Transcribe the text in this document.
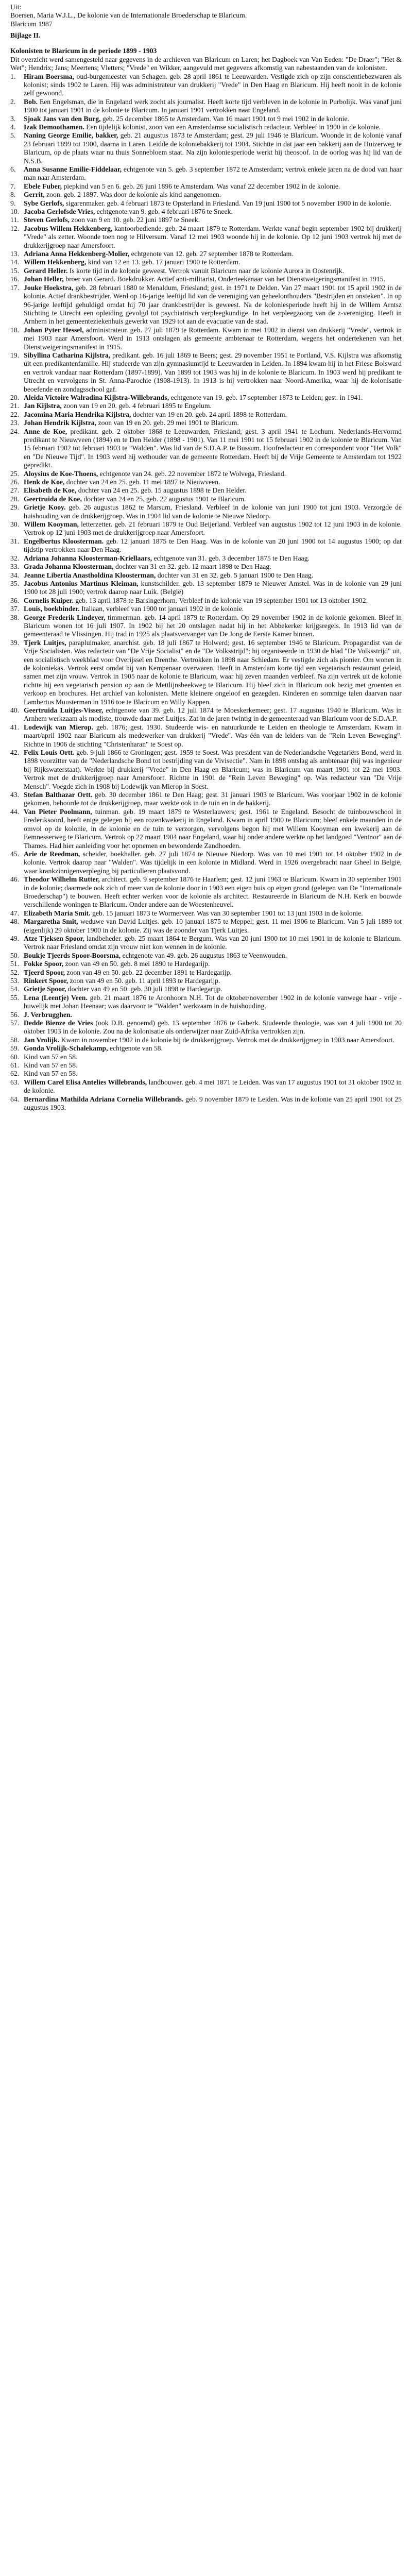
Uit:

Boersen, Maria W.J.L., De kolonie van de Internationale Broederschap te Blaricum.

Blaricum 1987

Bijlage II.

Kolonisten te Blaricum in de periode 1899 - 1903

Dit overzicht werd samengesteld naar gegevens in de archieven van Blaricum en Laren; het Dagboek van Van Eeden: "De Draer"; "Het & Wet"; Hendrix; Jans; Meertens; Vletters; "Vrede" en Wikker, aangevuld met gegevens afkomstig van nabestaanden van de kolonisten.

1.	Hiram Boersma, oud-burgemeester van Schagen. geb. 28 april 1861 te Leeuwarden. Vestigde zich op zijn conscientiebezwaren als kolonist; sinds 1902 te Laren. Hij was administrateur van drukkerij "Vrede" in Den Haag en Blaricum. Hij heeft nooit in de kolonie zelf gewoond.
2.	Bob. Een Engelsman, die in Engeland werk zocht als journalist. Heeft korte tijd verbleven in de kolonie in Purbolijk. Was vanaf juni 1900 tot januari 1901 in de kolonie te Blaricum. In januari 1901 vertrokken naar Engeland.
3.	Sjoak Jans van den Burg, geb. 25 december 1865 te Amsterdam. Van 16 maart 1901 tot 9 mei 1902 in de kolonie.
4.	Izak Demoothamen. Een tijdelijk kolonist, zoon van een Amsterdamse socialistisch redacteur. Verbleef in 1900 in de kolonie.
5.	Naning George Emilie, bakker, geb. 21 augustus 1873 te Amsterdam; gest. 29 juli 1946 te Blaricum. Woonde in de kolonie vanaf 23 februari 1899 tot 1900, daarna in Laren. Leidde de koloniebakkerij tot 1904. Stichtte in dat jaar een bakkerij aan de Huizerweg te Blaricum, op de plaats waar nu thuis Sonnebloem staat. Na zijn koloniesperiode werkt hij theosoof. In de oorlog was hij lid van de N.S.B.
6.	Anna Susanne Emilie-Fiddelaar, echtgenote van 5. geb. 3 september 1872 te Amsterdam; vertrok enkele jaren na de dood van haar man naar Amsterdam.
7.	Ebele Fuber, piepkind van 5 en 6. geb. 26 juni 1896 te Amsterdam. Was vanaf 22 december 1902 in de kolonie.
8.	Gerrit, zoon. geb. 2 1897. Was door de kolonie als kind aangenomen.
9.	Sybe Gerlofs, sigarenmaker. geb. 4 februari 1873 te Opsterland in Friesland. Van 19 juni 1900 tot 5 november 1900 in de kolonie.
10. Jacoba Gerlofsde Vries, echtgenote van 9. geb. 4 februari 1876 te Sneek.
11. Steven Gerlofs, zoon van 9 en 10. geb. 22 juni 1897 te Sneek.
12. Jacobus Willem Hekkenberg, kantoorbediende. geb. 24 maart 1879 te Rotterdam. Werkte vanaf begin september 1902 bij drukkerij "Vrede" als zetter. Woonde toen nog te Hilversum. Vanaf 12 mei 1903 woonde hij in de kolonie. Op 12 juni 1903 vertrok hij met de drukkerijgroep naar Amersfoort.
13. Adriana Anna Hekkenberg-Molier, echtgenote van 12. geb. 27 september 1878 te Rotterdam.
14. Willem Hekkenberg, kind van 12 en 13. geb. 17 januari 1900 te Rotterdam.
15. Gerard Heller. Is korte tijd in de kolonie geweest. Vertrok vanuit Blaricum naar de kolonie Aurora in Oostenrijk.
16. Johan Heller, broer van Gerard. Boekdrukker. Actief anti-militarist. Onderteekenaar van het Dienstweigeringsmanifest in 1915.
17. Jouke Hoekstra, geb. 28 februari 1880 te Menaldum, Friesland; gest. in 1971 te Delden. Van 27 maart 1901 tot 15 april 1902 in de kolonie. Actief drankbestrijder. Werd op 16-jarige leeftijd lid van de vereniging van geheelonthouders "Bestrijden en onsteken". In op 96-jarige leeftijd gehuldigd omdat hij 70 jaar drankbestrijder is geweest. Na de koloniesperiode heeft hij in de Willem Arntsz Stichting te Utrecht een opleiding gevolgd tot psychiatrisch verpleegkundige. In het verpleegzoorg van de z-vereniging. Heeft in Arnhem in het gemeenteziekenhuis gewerkt van 1929 tot aan de evacuatie van de stad.
18. Johan Pyter Hessel, administrateur. geb. 27 juli 1879 te Rotterdam. Kwam in mei 1902 in dienst van drukkerij "Vrede", vertrok in mei 1903 naar Amersfoort. Werd in 1913 ontslagen als gemeente ambtenaar te Rotterdam, wegens het ondertekenen van het Dienstweigeringsmanifest in 1915.
19. Sibyllina Catharina Kijlstra, predikant. geb. 16 juli 1869 te Beers; gest. 29 november 1951 te Portland, V.S. Kijlstra was afkomstig uit een predikantenfamilie. Hij studeerde van zijn gymnasiumtijd te Leeuwarden in Leiden. In 1894 kwam hij in het Friese Bolsward en vertrok vandaar naar Rotterdam (1897-1899). Van 1899 tot 1903 was hij in de kolonie te Blaricum. In 1903 werd hij predikant te Utrecht en vervolgens in St. Anna-Parochie (1908-1913). In 1913 is hij vertrokken naar Noord-Amerika, waar hij de kolonisatie beoefende en zondagsschool gaf.
20. Aleida Victoire Walradina Kijlstra-Willebrands, echtgenote van 19. geb. 17 september 1873 te Leiden; gest. in 1941.
21. Jan Kijlstra, zoon van 19 en 20. geb. 4 februari 1895 te Engelum.
22. Jacomina Maria Hendrika Kijlstra, dochter van 19 en 20. geb. 24 april 1898 te Rotterdam.
23. Johan Hendrik Kijlstra, zoon van 19 en 20. geb. 29 mei 1901 te Blaricum.
24. Anne de Koe, predikant. geb. 2 oktober 1868 te Leeuwarden, Friesland; gest. 3 april 1941 te Lochum. Nederlands-Hervormd predikant te Nieuwveen (1894) en te Den Helder (1898 - 1901). Van 11 mei 1901 tot 15 februari 1902 in de kolonie te Blaricum. Van 15 februari 1902 tot februari 1903 te "Walden". Was lid van de S.D.A.P. te Bussum. Hoofredacteur en correspondent voor "Het Volk" en "De Nieuwe Tijd". In 1903 werd hij wethouder van de gemeente Rotterdam. Heeft bij de Vrije Gemeente te Amsterdam tot 1922 gepredikt.
25. Aloysius de Koe-Thoens, echtgenote van 24. geb. 22 november 1872 te Wolvega, Friesland.
26. Henk de Koe, dochter van 24 en 25. geb. 11 mei 1897 te Nieuwveen.
27. Elisabeth de Koe, dochter van 24 en 25. geb. 15 augustus 1898 te Den Helder.
28. Geertruida de Koe, dochter van 24 en 25. geb. 22 augustus 1901 te Blaricum.
29. Grietje Kooy. geb. 26 augustus 1862 te Marsum, Friesland. Verbleef in de kolonie van juni 1900 tot juni 1903. Verzorgde de huishouding van de drukkerijgroep. Was in 1904 lid van de kolonie te Nieuwe Niedorp.
30. Willem Kooyman, letterzetter. geb. 21 februari 1879 te Oud Beijerland. Verbleef van augustus 1902 tot 12 juni 1903 in de kolonie. Vertrok op 12 juni 1903 met de drukkerijgroep naar Amersfoort.
31. Engelbertus Kloosterman. geb. 12 januari 1875 te Den Haag. Was in de kolonie van 20 juni 1900 tot 14 augustus 1900; op dat tijdstip vertrokken naar Den Haag.
32. Adriana Johanna Kloosterman-Kriellaars, echtgenote van 31. geb. 3 december 1875 te Den Haag.
33. Grada Johanna Kloosterman, dochter van 31 en 32. geb. 12 maart 1898 te Den Haag.
34. Jeanne Libertia Anastholdina Kloosterman, dochter van 31 en 32. geb. 5 januari 1900 te Den Haag.
35. Jacobus Antonius Martinus Kleiman, kunstschilder. geb. 13 september 1879 te Nieuwer Amstel. Was in de kolonie van 29 juni 1900 tot 28 juli 1900; vertrok daarop naar Luik. (België)
36. Cornelis Kuiper. geb. 13 april 1878 te Barsingerhorn. Verbleef in de kolonie van 19 september 1901 tot 13 oktober 1902.
37. Louis, boekbinder. Italiaan, verbleef van 1900 tot januari 1902 in de kolonie.
38. George Frederik Lindeyer, timmerman. geb. 14 april 1879 te Rotterdam. Op 29 november 1902 in de kolonie gekomen. Bleef in Blaricum wonen tot 16 juli 1907. In 1902 bij het 20 ontslagen nadat hij in het Abbekerker krijgsregels. In 1913 lid van de gemeenteraad te Vlissingen. Hij trad in 1925 als plaatsvervanger van De Jong de Eerste Kamer binnen.
39. Tjerk Luitjes, parapluimaker, anarchist. geb. 18 juli 1867 te Holwerd; gest. 16 september 1946 te Blaricum. Propagandist van de Vrije Socialisten. Was redacteur van "De Vrije Socialist" en de "De Volksstrijd"; hij organiseerde in 1930 de blad "De Volksstrijd" uit, een socialistisch weekblad voor Overijssel en Drenthe. Vertrokken in 1898 naar Schiedam. Er vestigde zich als pionier. Om wonen in de koloniekas. Vertrok eerst omdat hij van Kempenaar overwaren. Heeft in Amsterdam korte tijd een vegetarisch restaurant geleid, samen met zijn vrouw. Vertrok in 1905 naar de kolonie te Blaricum, waar hij zeven maanden verbleef. Na zijn vertrek uit de kolonie richtte hij een vegetarisch pension op aan de Mettlijnsbeekweg te Blaricum. Hij bleef zich in Blaricum ook bezig met groenten en verkoop en brochures. Het archief van kolonisten. Mette kleinere ongeloof en gezegden. Kinderen en sommige talen daarvan naar Lambertus Muusterman in 1916 toe te Blaricum en Willy Kappen.
40. Geertruida Luitjes-Visser, echtgenote van 39. geb. 12 juli 1874 te Moeskerkemeer; gest. 17 augustus 1940 te Blaricum. Was in Arnhem werkzaam als modiste, trouwde daar met Luitjes. Zat in de jaren twintig in de gemeenteraad van Blaricum voor de S.D.A.P.
41. Lodewijk van Mierop. geb. 1876; gest. 1930. Studeerde wis- en natuurkunde te Leiden en theologie te Amsterdam. Kwam in maart/april 1902 naar Blaricum als medewerker van drukkerij "Vrede". Was één van de leiders van de "Rein Leven Beweging". Richtte in 1906 de stichting "Christenharan" te Soest op.
42. Felix Louis Ortt. geb. 9 juli 1866 te Groningen; gest. 1959 te Soest. Was president van de Nederlandsche Vegetariërs Bond, werd in 1898 voorzitter van de "Nederlandsche Bond tot bestrijding van de Vivisectie". Nam in 1898 ontslag als ambtenaar (hij was ingenieur bij Rijkswaterstaat). Werkte bij drukkerij "Vrede" in Den Haag en Blaricum; was in Blaricum van maart 1901 tot 22 mei 1903. Vertrok met de drukkerijgroep naar Amersfoort. Richtte in 1901 de "Rein Leven Beweging" op. Was redacteur van "De Vrije Mensch". Voegde zich in 1908 bij Lodewijk van Mierop in Soest.
43. Stefan Balthazar Ortt. geb. 30 december 1861 te Den Haag; gest. 31 januari 1903 te Blaricum. Was voorjaar 1902 in de kolonie gekomen, behoorde tot de drukkerijgroep, maar werkte ook in de tuin en in de bakkerij.
44. Van Pieter Poolmann, tuinman. geb. 19 maart 1879 te Westerlauwers; gest. 1961 te Engeland. Besocht de tuinbouwschool in Frederiksoord, heeft enige gelegen bij een rozenkwekerij in Engeland. Kwam in april 1900 te Blaricum; bleef enkele maanden in de omvol op de kolonie, in de kolonie en de tuin te verzorgen, vervolgens begon hij met Willem Kooyman een kwekerij aan de Eemnesserweg te Blaricum. Vertrok op 22 maart 1904 naar Engeland, waar hij onder andere werkte op het landgoed "Ventnor" aan de Thames. Had hier aanleiding voor het opnemen en bewonderde Zandhoeden.
45. Arie de Reedman, scheider, boekhaller. geb. 27 juli 1874 te Nieuwe Niedorp. Was van 10 mei 1901 tot 14 oktober 1902 in de kolonie. Vertrok daarop naar "Walden". Was tijdelijk in een kolonie in Midland. Werd in 1926 overgebracht naar Gheel in België, waar krankzinnigenverpleging bij particulieren plaatsvond.
46. Theodor Wilhelm Rutter, architect. geb. 9 september 1876 te Haarlem; gest. 12 juni 1963 te Blaricum. Kwam in 30 september 1901 in de kolonie; daarmede ook zich of meer van de kolonie door in 1903 een eigen huis op eigen grond (gelegen van De "Internationale Broederschap") te bouwen. Heeft echter werken voor de kolonie als architect. Restaureerde in Blaricum de N.H. Kerk en bouwde verschillende woningen te Blaricum. Onder andere aan de Woestenheuvel.
47. Elizabeth Maria Smit. geb. 15 januari 1873 te Wormerveer. Was van 30 september 1901 tot 13 juni 1903 in de kolonie.
48. Margaretha Smit, weduwe van David Luitjes. geb. 10 januari 1875 te Meppel; gest. 11 mei 1906 te Blaricum. Van 5 juli 1899 tot (eigenlijk) 29 oktober 1900 in de kolonie. Zij was de zoonder van Tjerk Luitjes.
49. Atze Tjeksen Spoor, landbeheder. geb. 25 maart 1864 te Bergum. Was van 20 juni 1900 tot 10 mei 1901 in de kolonie te Blaricum. Vertrok naar Friesland omdat zijn vrouw niet kon wennen in de kolonie.
50. Boukje Tjeerds Spoor-Boorsma, echtgenote van 49. geb. 26 augustus 1863 te Veenwouden.
51. Fokke Spoor, zoon van 49 en 50. geb. 8 mei 1890 te Hardegarijp.
52. Tjeerd Spoor, zoon van 49 en 50. geb. 22 december 1891 te Hardegarijp.
53. Rinkert Spoor, zoon van 49 en 50. geb. 11 april 1893 te Hardegarijp.
54. Grietje Spoor, dochter van 49 en 50. geb. 30 juli 1898 te Hardegarijp.
55. Lena (Leentje) Veen. geb. 21 maart 1876 te Aronhoorn N.H. Tot de oktober/november 1902 in de kolonie vanwege haar - vrije - huwelijk met Johan Heenaar; was daarvoor te "Walden" werkzaam in de huishouding.
56. J. Verbrugghen.
57. Dedde Bienze de Vries (ook D.B. genoemd) geb. 13 september 1876 te Gaberk. Studeerde theologie, was van 4 juli 1900 tot 20 oktober 1903 in de kolonie. Zou na de kolonisatie als onderwijzer naar Zuid-Afrika vertrokken zijn.
58. Jan Vrolijk. Kwam in november 1902 in de kolonie bij de drukkerijgroep. Vertrok met de drukkerijgroep in 1903 naar Amersfoort.
59. Gonda Vrolijk-Schalekamp, echtgenote van 58.
60. Kind van 57 en 58.
61. Kind van 57 en 58.
62. Kind van 57 en 58.
63. Willem Carel Elisa Antelies Willebrands, landbouwer. geb. 4 mei 1871 te Leiden. Was van 17 augustus 1901 tot 31 oktober 1902 in de kolonie.
64. Bernardina Mathilda Adriana Cornelia Willebrands. geb. 9 november 1879 te Leiden. Was in de kolonie van 25 april 1901 tot 25 augustus 1903.
